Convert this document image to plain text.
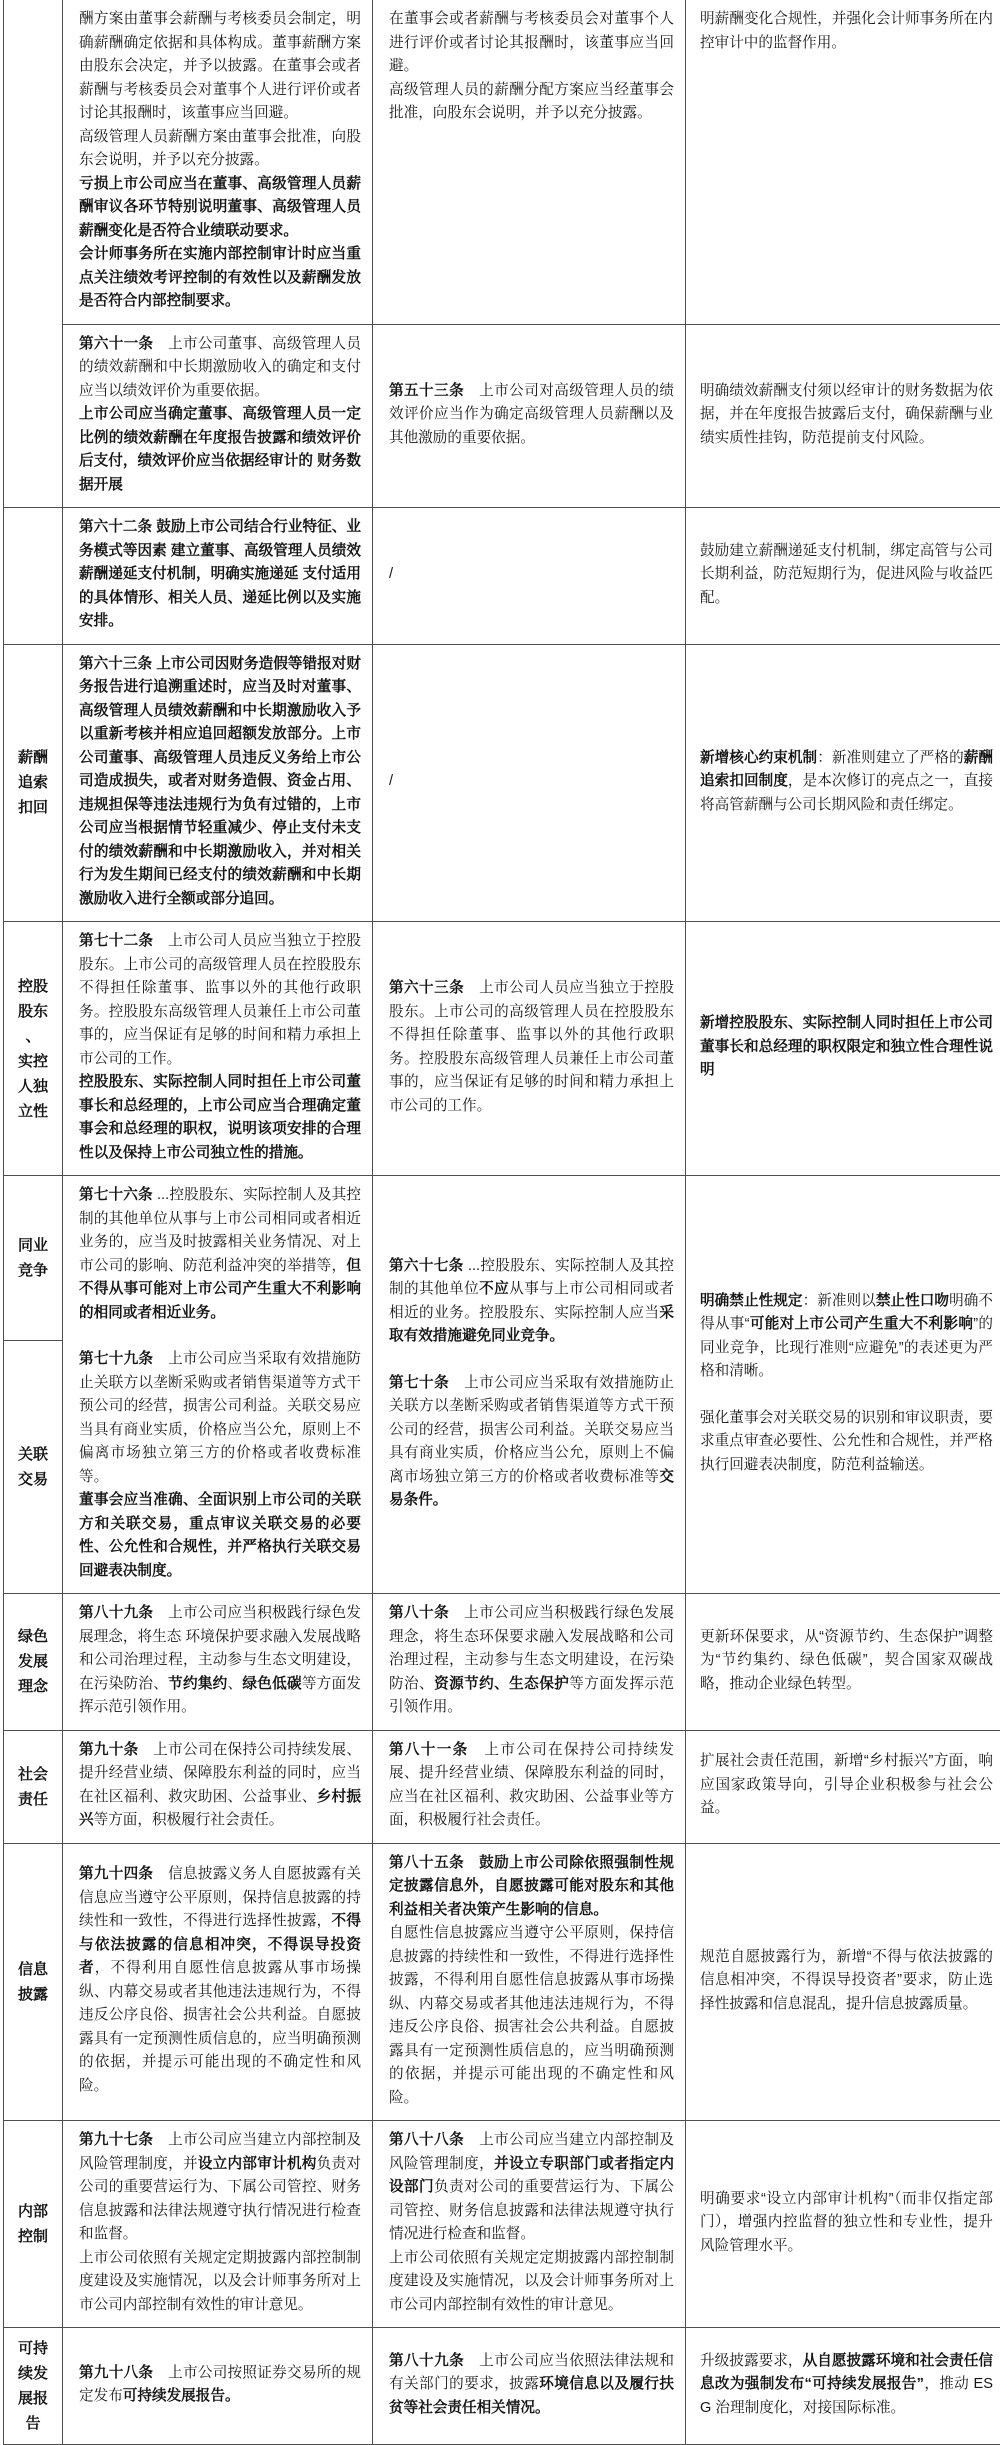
酬方案由董事会薪酬与考核委员会制定，明确薪酬确定依据和具体构成。董事薪酬方案由股东会决定，并予以披露。在董事会或者薪酬与考核委员会对董事个人进行评价或者讨论其报酬时，该董事应当回避。

高级管理人员薪酬方案由董事会批准，向股东会说明，并予以充分披露。

亏损上市公司应当在董事、高级管理人员薪酬审议各环节特别说明董事、高级管理人员薪酬变化是否符合业绩联动要求。

会计师事务所在实施内部控制审计时应当重点关注绩效考评控制的有效性以及薪酬发放是否符合内部控制要求。

在董事会或者薪酬与考核委员会对董事个人进行评价或者讨论其报酬时，该董事应当回避。

高级管理人员的薪酬分配方案应当经董事会批准，向股东会说明，并予以充分披露。

明薪酬变化合规性，并强化会计师事务所在内控审计中的监督作用。

第六十一条　上市公司董事、高级管理人员的绩效薪酬和中长期激励收入的确定和支付应当以绩效评价为重要依据。

上市公司应当确定董事、高级管理人员一定比例的绩效薪酬在年度报告披露和绩效评价后支付，绩效评价应当依据经审计的 财务数据开展

第五十三条　上市公司对高级管理人员的绩效评价应当作为确定高级管理人员薪酬以及其他激励的重要依据。

明确绩效薪酬支付须以经审计的财务数据为依据，并在年度报告披露后支付，确保薪酬与业绩实质性挂钩，防范提前支付风险。

第六十二条 鼓励上市公司结合行业特征、业务模式等因素 建立董事、高级管理人员绩效薪酬递延支付机制，明确实施递延 支付适用的具体情形、相关人员、递延比例以及实施安排。

/

鼓励建立薪酬递延支付机制，绑定高管与公司长期利益，防范短期行为，促进风险与收益匹配。

薪酬
追索
扣回

第六十三条 上市公司因财务造假等错报对财务报告进行追溯重述时，应当及时对董事、高级管理人员绩效薪酬和中长期激励收入予以重新考核并相应追回超额发放部分。上市公司董事、高级管理人员违反义务给上市公司造成损失，或者对财务造假、资金占用、违规担保等违法违规行为负有过错的，上市公司应当根据情节轻重减少、停止支付未支付的绩效薪酬和中长期激励收入，并对相关行为发生期间已经支付的绩效薪酬和中长期激励收入进行全额或部分追回。

/

新增核心约束机制：新准则建立了严格的薪酬追索扣回制度，是本次修订的亮点之一，直接将高管薪酬与公司长期风险和责任绑定。

控股
股东
、
实控
人独
立性

第七十二条　上市公司人员应当独立于控股股东。上市公司的高级管理人员在控股股东不得担任除董事、监事以外的其他行政职务。控股股东高级管理人员兼任上市公司董事的，应当保证有足够的时间和精力承担上市公司的工作。

控股股东、实际控制人同时担任上市公司董事长和总经理的，上市公司应当合理确定董事会和总经理的职权，说明该项安排的合理性以及保持上市公司独立性的措施。

第六十三条　上市公司人员应当独立于控股股东。上市公司的高级管理人员在控股股东不得担任除董事、监事以外的其他行政职务。控股股东高级管理人员兼任上市公司董事的，应当保证有足够的时间和精力承担上市公司的工作。

新增控股股东、实际控制人同时担任上市公司董事长和总经理的职权限定和独立性合理性说明

同业
竞争

第七十六条 ...控股股东、实际控制人及其控制的其他单位从事与上市公司相同或者相近业务的，应当及时披露相关业务情况、对上市公司的影响、防范利益冲突的举措等，但不得从事可能对上市公司产生重大不利影响的相同或者相近业务。

第七十九条　上市公司应当采取有效措施防止关联方以垄断采购或者销售渠道等方式干预公司的经营，损害公司利益。关联交易应当具有商业实质，价格应当公允，原则上不偏离市场独立第三方的价格或者收费标准等。

董事会应当准确、全面识别上市公司的关联方和关联交易，重点审议关联交易的必要性、公允性和合规性，并严格执行关联交易回避表决制度。

第六十七条 ...控股股东、实际控制人及其控制的其他单位不应从事与上市公司相同或者相近的业务。控股股东、实际控制人应当采取有效措施避免同业竞争。

第七十条　上市公司应当采取有效措施防止关联方以垄断采购或者销售渠道等方式干预公司的经营，损害公司利益。关联交易应当具有商业实质，价格应当公允，原则上不偏离市场独立第三方的价格或者收费标准等交易条件。

明确禁止性规定：新准则以禁止性口吻明确不得从事“可能对上市公司产生重大不利影响”的同业竞争，比现行准则“应避免”的表述更为严格和清晰。

强化董事会对关联交易的识别和审议职责，要求重点审查必要性、公允性和合规性，并严格执行回避表决制度，防范利益输送。

关联
交易
绿色
发展
理念

第八十九条　上市公司应当积极践行绿色发展理念，将生态 环境保护要求融入发展战略和公司治理过程，主动参与生态文明建设，在污染防治、节约集约、绿色低碳等方面发挥示范引领作用。

第八十条　上市公司应当积极践行绿色发展理念，将生态环保要求融入发展战略和公司治理过程，主动参与生态文明建设，在污染防治、资源节约、生态保护等方面发挥示范引领作用。

更新环保要求，从“资源节约、生态保护”调整为“节约集约、绿色低碳”，契合国家双碳战略，推动企业绿色转型。

社会
责任

第九十条　上市公司在保持公司持续发展、提升经营业绩、保障股东利益的同时，应当在社区福利、救灾助困、公益事业、乡村振兴等方面，积极履行社会责任。

第八十一条　上市公司在保持公司持续发展、提升经营业绩、保障股东利益的同时，应当在社区福利、救灾助困、公益事业等方面，积极履行社会责任。

扩展社会责任范围，新增“乡村振兴”方面，响应国家政策导向，引导企业积极参与社会公益。

信息
披露

第九十四条　信息披露义务人自愿披露有关信息应当遵守公平原则，保持信息披露的持续性和一致性，不得进行选择性披露，不得与依法披露的信息相冲突，不得误导投资者，不得利用自愿性信息披露从事市场操纵、内幕交易或者其他违法违规行为，不得违反公序良俗、损害社会公共利益。自愿披露具有一定预测性质信息的，应当明确预测的依据，并提示可能出现的不确定性和风险。

第八十五条　鼓励上市公司除依照强制性规定披露信息外，自愿披露可能对股东和其他利益相关者决策产生影响的信息。

自愿性信息披露应当遵守公平原则，保持信息披露的持续性和一致性，不得进行选择性披露，不得利用自愿性信息披露从事市场操纵、内幕交易或者其他违法违规行为，不得违反公序良俗、损害社会公共利益。自愿披露具有一定预测性质信息的，应当明确预测的依据，并提示可能出现的不确定性和风险。

规范自愿披露行为，新增“不得与依法披露的信息相冲突，不得误导投资者”要求，防止选择性披露和信息混乱，提升信息披露质量。

内部
控制

第九十七条　上市公司应当建立内部控制及风险管理制度，并设立内部审计机构负责对公司的重要营运行为、下属公司管控、财务信息披露和法律法规遵守执行情况进行检查和监督。

上市公司依照有关规定定期披露内部控制制度建设及实施情况，以及会计师事务所对上市公司内部控制有效性的审计意见。

第八十八条　上市公司应当建立内部控制及风险管理制度，并设立专职部门或者指定内设部门负责对公司的重要营运行为、下属公司管控、财务信息披露和法律法规遵守执行情况进行检查和监督。

上市公司依照有关规定定期披露内部控制制度建设及实施情况，以及会计师事务所对上市公司内部控制有效性的审计意见。

明确要求“设立内部审计机构”（而非仅指定部门），增强内控监督的独立性和专业性，提升风险管理水平。

可持
续发
展报
告

第九十八条　上市公司按照证券交易所的规定发布可持续发展报告。

第八十九条　上市公司应当依照法律法规和有关部门的要求，披露环境信息以及履行扶贫等社会责任相关情况。

升级披露要求，从自愿披露环境和社会责任信息改为强制发布“可持续发展报告”，推动 ESG 治理制度化，对接国际标准。
